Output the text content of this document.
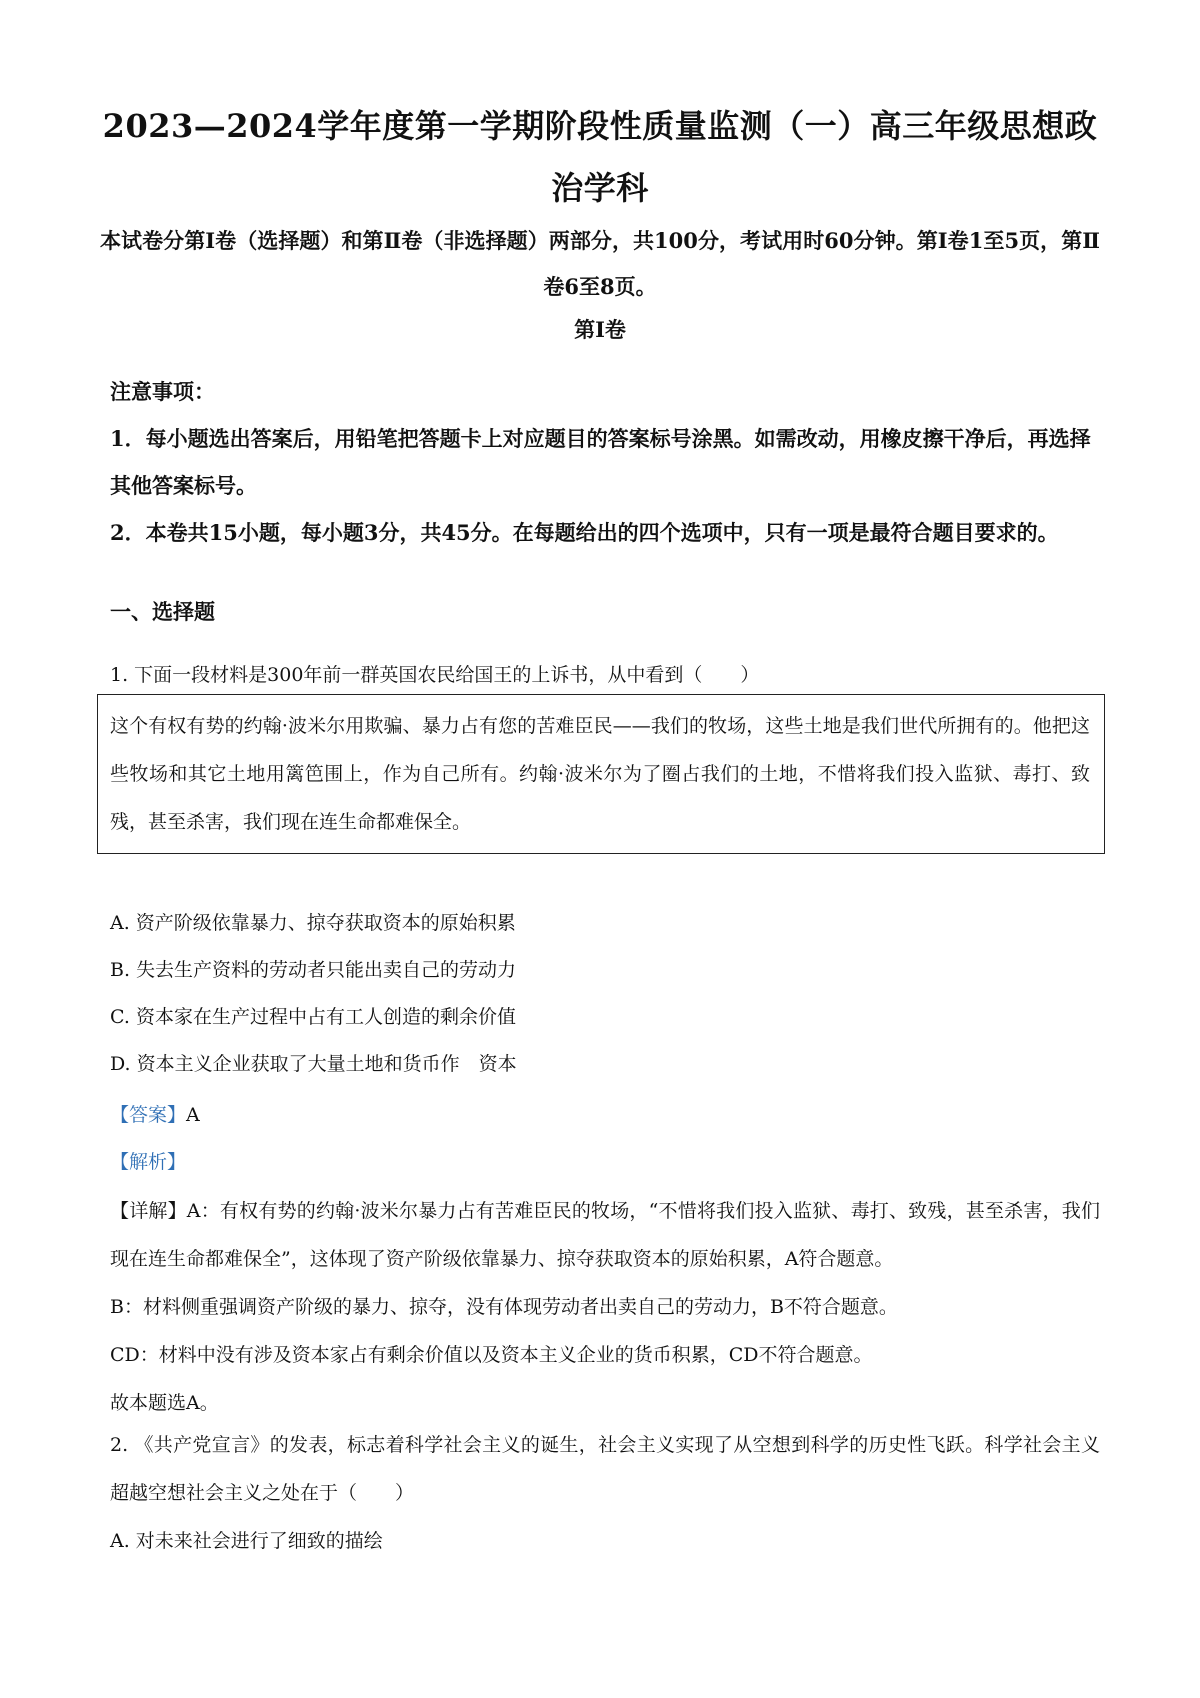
2023—2024学年度第一学期阶段性质量监测（一）高三年级思想政治学科
本试卷分第Ⅰ卷（选择题）和第Ⅱ卷（非选择题）两部分，共100分，考试用时60分钟。第Ⅰ卷1至5页，第Ⅱ卷6至8页。
第Ⅰ卷

注意事项：

1．每小题选出答案后，用铅笔把答题卡上对应题目的答案标号涂黑。如需改动，用橡皮擦干净后，再选择其他答案标号。

2．本卷共15小题，每小题3分，共45分。在每题给出的四个选项中，只有一项是最符合题目要求的。

一、选择题
1. 下面一段材料是300年前一群英国农民给国王的上诉书，从中看到（　　）
这个有权有势的约翰·波米尔用欺骗、暴力占有您的苦难臣民——我们的牧场，这些土地是我们世代所拥有的。他把这些牧场和其它土地用篱笆围上，作为自己所有。约翰·波米尔为了圈占我们的土地，不惜将我们投入监狱、毒打、致残，甚至杀害，我们现在连生命都难保全。
A. 资产阶级依靠暴力、掠夺获取资本的原始积累
B. 失去生产资料的劳动者只能出卖自己的劳动力
C. 资本家在生产过程中占有工人创造的剩余价值
D. 资本主义企业获取了大量土地和货币作　资本
【答案】A
【解析】

【详解】A：有权有势的约翰·波米尔暴力占有苦难臣民的牧场，“不惜将我们投入监狱、毒打、致残，甚至杀害，我们现在连生命都难保全”，这体现了资产阶级依靠暴力、掠夺获取资本的原始积累，A符合题意。

B：材料侧重强调资产阶级的暴力、掠夺，没有体现劳动者出卖自己的劳动力，B不符合题意。

CD：材料中没有涉及资本家占有剩余价值以及资本主义企业的货币积累，CD不符合题意。

故本题选A。

2. 《共产党宣言》的发表，标志着科学社会主义的诞生，社会主义实现了从空想到科学的历史性飞跃。科学社会主义超越空想社会主义之处在于（　　）

A. 对未来社会进行了细致的描绘
